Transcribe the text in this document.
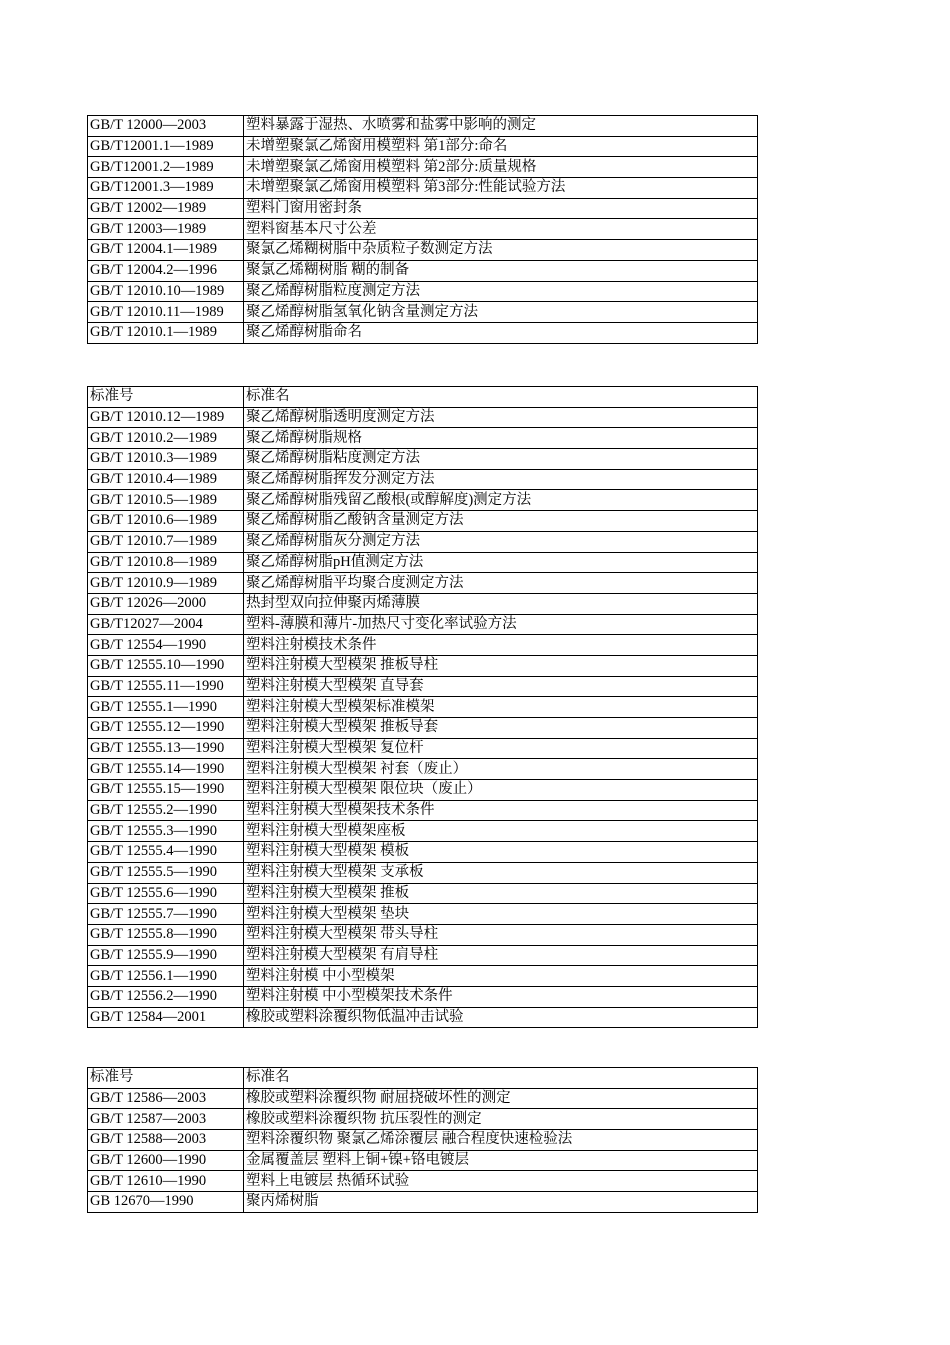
GB/T 12000—2003	塑料暴露于湿热、水喷雾和盐雾中影响的测定
GB/T12001.1—1989	未增塑聚氯乙烯窗用模塑料 第1部分:命名
GB/T12001.2—1989	未增塑聚氯乙烯窗用模塑料 第2部分:质量规格
GB/T12001.3—1989	未增塑聚氯乙烯窗用模塑料 第3部分:性能试验方法
GB/T 12002—1989	塑料门窗用密封条
GB/T 12003—1989	塑料窗基本尺寸公差
GB/T 12004.1—1989	聚氯乙烯糊树脂中杂质粒子数测定方法
GB/T 12004.2—1996	聚氯乙烯糊树脂 糊的制备
GB/T 12010.10—1989	聚乙烯醇树脂粒度测定方法
GB/T 12010.11—1989	聚乙烯醇树脂氢氧化钠含量测定方法
GB/T 12010.1—1989	聚乙烯醇树脂命名
标准号	标准名
GB/T 12010.12—1989	聚乙烯醇树脂透明度测定方法
GB/T 12010.2—1989	聚乙烯醇树脂规格
GB/T 12010.3—1989	聚乙烯醇树脂粘度测定方法
GB/T 12010.4—1989	聚乙烯醇树脂挥发分测定方法
GB/T 12010.5—1989	聚乙烯醇树脂残留乙酸根(或醇解度)测定方法
GB/T 12010.6—1989	聚乙烯醇树脂乙酸钠含量测定方法
GB/T 12010.7—1989	聚乙烯醇树脂灰分测定方法
GB/T 12010.8—1989	聚乙烯醇树脂pH值测定方法
GB/T 12010.9—1989	聚乙烯醇树脂平均聚合度测定方法
GB/T 12026—2000	热封型双向拉伸聚丙烯薄膜
GB/T12027—2004	塑料-薄膜和薄片-加热尺寸变化率试验方法
GB/T 12554—1990	塑料注射模技术条件
GB/T 12555.10—1990	塑料注射模大型模架 推板导柱
GB/T 12555.11—1990	塑料注射模大型模架 直导套
GB/T 12555.1—1990	塑料注射模大型模架标准模架
GB/T 12555.12—1990	塑料注射模大型模架 推板导套
GB/T 12555.13—1990	塑料注射模大型模架 复位杆
GB/T 12555.14—1990	塑料注射模大型模架 衬套（废止）
GB/T 12555.15—1990	塑料注射模大型模架 限位块（废止）
GB/T 12555.2—1990	塑料注射模大型模架技术条件
GB/T 12555.3—1990	塑料注射模大型模架座板
GB/T 12555.4—1990	塑料注射模大型模架 模板
GB/T 12555.5—1990	塑料注射模大型模架 支承板
GB/T 12555.6—1990	塑料注射模大型模架 推板
GB/T 12555.7—1990	塑料注射模大型模架 垫块
GB/T 12555.8—1990	塑料注射模大型模架 带头导柱
GB/T 12555.9—1990	塑料注射模大型模架 有肩导柱
GB/T 12556.1—1990	塑料注射模 中小型模架
GB/T 12556.2—1990	塑料注射模 中小型模架技术条件
GB/T 12584—2001	橡胶或塑料涂覆织物低温冲击试验
标准号	标准名
GB/T 12586—2003	橡胶或塑料涂覆织物 耐屈挠破坏性的测定
GB/T 12587—2003	橡胶或塑料涂覆织物 抗压裂性的测定
GB/T 12588—2003	塑料涂覆织物 聚氯乙烯涂覆层 融合程度快速检验法
GB/T 12600—1990	金属覆盖层 塑料上铜+镍+铬电镀层
GB/T 12610—1990	塑料上电镀层 热循环试验
GB 12670—1990	聚丙烯树脂
